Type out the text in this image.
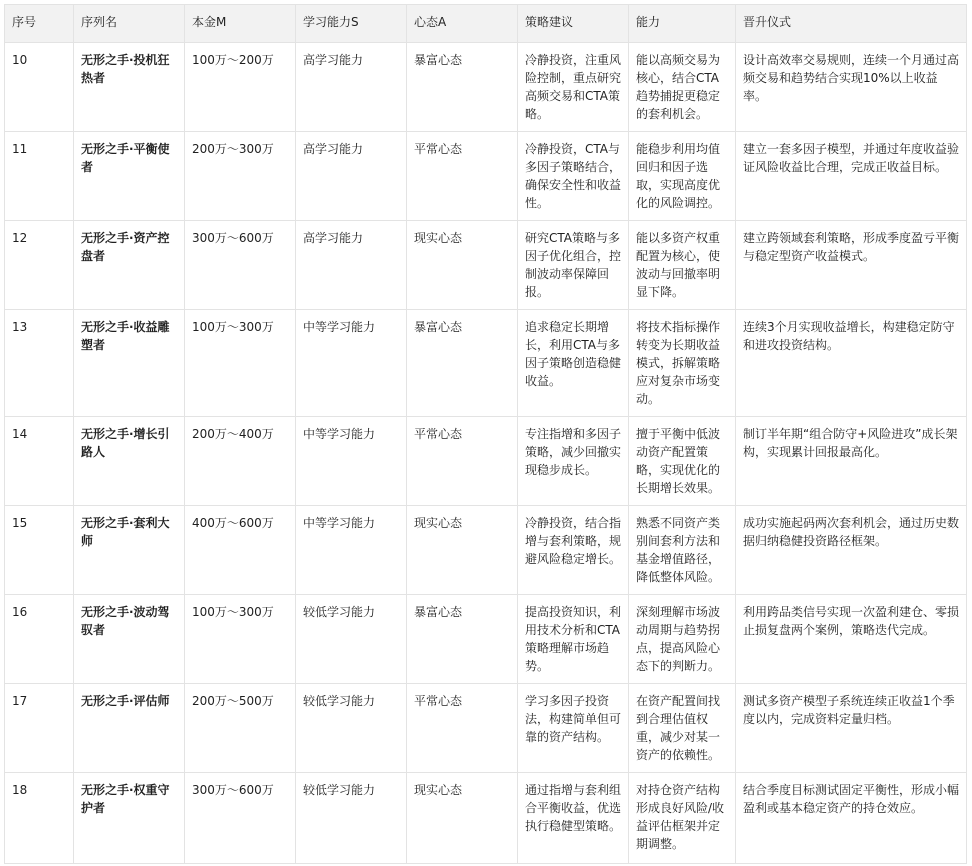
序号	序列名	本金M	学习能力S	心态A	策略建议	能力	晋升仪式
10	无形之手·投机狂热者	100万～200万	高学习能力	暴富心态	冷静投资，注重风险控制，重点研究高频交易和CTA策略。	能以高频交易为核心，结合CTA趋势捕捉更稳定的套利机会。	设计高效率交易规则，连续一个月通过高频交易和趋势结合实现10%以上收益率。
11	无形之手·平衡使者	200万～300万	高学习能力	平常心态	冷静投资，CTA与多因子策略结合，确保安全性和收益性。	能稳步利用均值回归和因子选取，实现高度优化的风险调控。	建立一套多因子模型，并通过年度收益验证风险收益比合理，完成正收益目标。
12	无形之手·资产控盘者	300万～600万	高学习能力	现实心态	研究CTA策略与多因子优化组合，控制波动率保障回报。	能以多资产权重配置为核心，使波动与回撤率明显下降。	建立跨领域套利策略，形成季度盈亏平衡与稳定型资产收益模式。
13	无形之手·收益雕塑者	100万～300万	中等学习能力	暴富心态	追求稳定长期增长，利用CTA与多因子策略创造稳健收益。	将技术指标操作转变为长期收益模式，拆解策略应对复杂市场变动。	连续3个月实现收益增长，构建稳定防守和进攻投资结构。
14	无形之手·增长引路人	200万～400万	中等学习能力	平常心态	专注指增和多因子策略，减少回撤实现稳步成长。	擅于平衡中低波动资产配置策略，实现优化的长期增长效果。	制订半年期“组合防守+风险进攻”成长架构，实现累计回报最高化。
15	无形之手·套利大师	400万～600万	中等学习能力	现实心态	冷静投资，结合指增与套利策略，规避风险稳定增长。	熟悉不同资产类别间套利方法和基金增值路径，降低整体风险。	成功实施起码两次套利机会，通过历史数据归纳稳健投资路径框架。
16	无形之手·波动驾驭者	100万～300万	较低学习能力	暴富心态	提高投资知识，利用技术分析和CTA策略理解市场趋势。	深刻理解市场波动周期与趋势拐点，提高风险心态下的判断力。	利用跨品类信号实现一次盈利建仓、零损止损复盘两个案例，策略迭代完成。
17	无形之手·评估师	200万～500万	较低学习能力	平常心态	学习多因子投资法，构建简单但可靠的资产结构。	在资产配置间找到合理估值权重，减少对某一资产的依赖性。	测试多资产模型子系统连续正收益1个季度以内，完成资料定量归档。
18	无形之手·权重守护者	300万～600万	较低学习能力	现实心态	通过指增与套利组合平衡收益，优选执行稳健型策略。	对持仓资产结构形成良好风险/收益评估框架并定期调整。	结合季度目标测试固定平衡性，形成小幅盈利或基本稳定资产的持仓效应。
